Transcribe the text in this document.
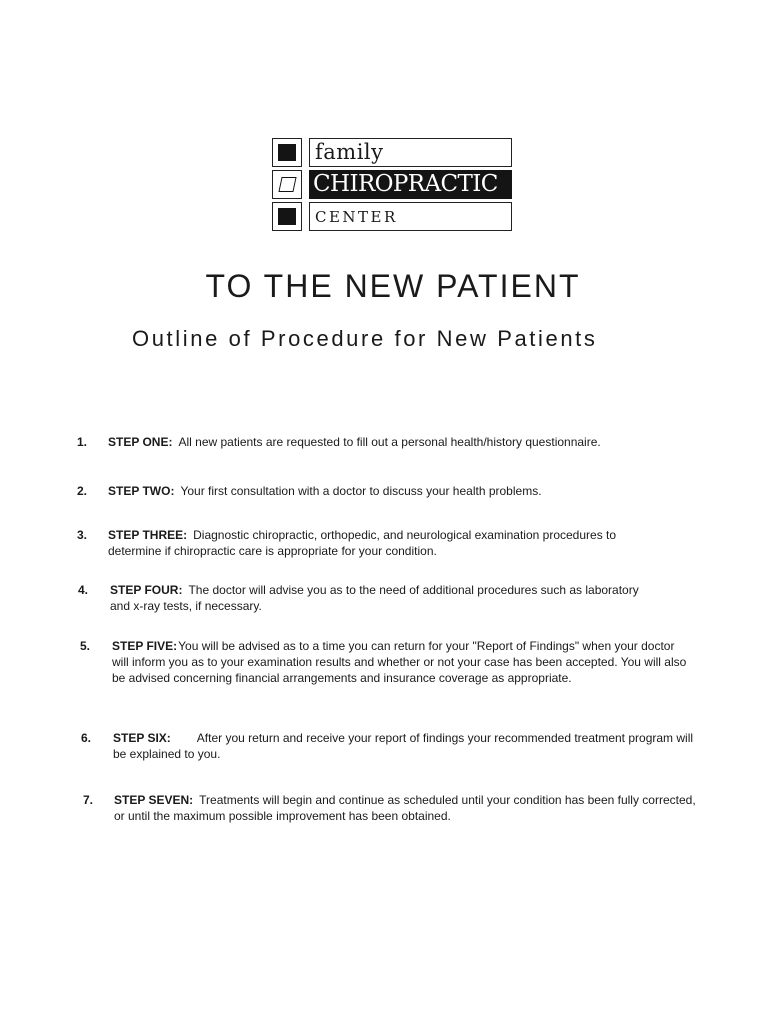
family
CHIROPRACTIC
CENTER
TO THE NEW PATIENT
Outline of Procedure for New Patients
1. STEP ONE: All new patients are requested to fill out a personal health/history questionnaire.
2. STEP TWO: Your first consultation with a doctor to discuss your health problems.
3. STEP THREE: Diagnostic chiropractic, orthopedic, and neurological examination procedures to determine if chiropractic care is appropriate for your condition.
4. STEP FOUR: The doctor will advise you as to the need of additional procedures such as laboratory and x-ray tests, if necessary.
5. STEP FIVE:You will be advised as to a time you can return for your "Report of Findings" when your doctor will inform you as to your examination results and whether or not your case has been accepted. You will also be advised concerning financial arrangements and insurance coverage as appropriate.
6. STEP SIX: After you return and receive your report of findings your recommended treatment program will be explained to you.
7. STEP SEVEN: Treatments will begin and continue as scheduled until your condition has been fully corrected, or until the maximum possible improvement has been obtained.
